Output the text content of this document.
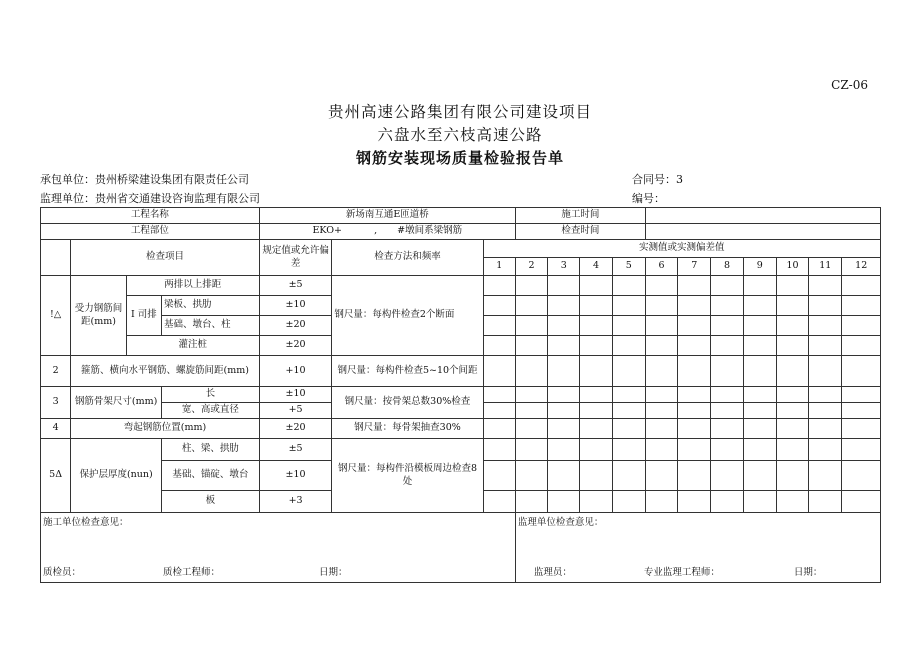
CZ-06
贵州高速公路集团有限公司建设项目
六盘水至六枝高速公路
钢筋安装现场质量检验报告单
承包单位：贵州桥梁建设集团有限责任公司	合同号：3
监理单位：贵州省交通建设咨询监理有限公司	编号：
工程名称				新场南互通E匝道桥			施工时间										
工程部位				EKO+ , #墩间系梁钢筋			检查时间										
	检查项目			规定值或允许偏差	检查方法和频率	实测值或实测偏差值											
						1	2	3	4	5	6	7	8	9	10	11	12
!△	受力钢筋间距(mm)	两排以上排距		±5	钢尺量：每构件检查2个断面												
		I 司排	梁板、拱肋	±10													
			基础、墩台、柱	±20													
		灌注桩		±20													
2	箍筋、横向水平钢筋、螺旋筋间距(mm)			+10	钢尺量：每构件检查5~10个间距												
3	钢筋骨架尺寸(mm)		长	±10	钢尺量：按骨架总数30%检查												
			宽、高或直径	+5													
4	弯起钢筋位置(mm)			±20	钢尺量：每骨架抽查30%												
5Δ	保护层厚度(nun)		柱、梁、拱肋	±5	钢尺量：每构件沿模板周边检查8处												
			基础、锚碇、墩台	±10													
			板	+3													
施工单位检查意见：
质检员： 质检工程师： 日期：							监理单位检查意见：
监理员： 专业监理工程师： 日期：										
